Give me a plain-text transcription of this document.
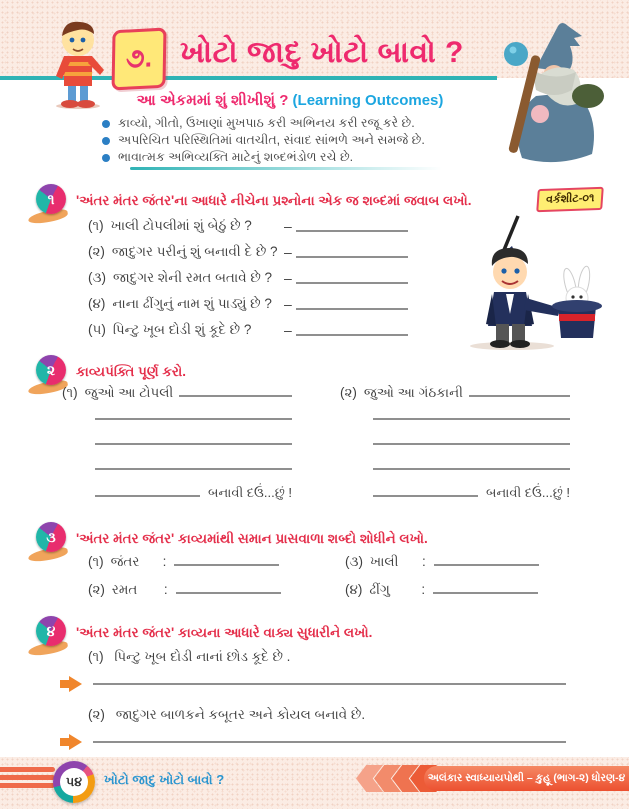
૭. ખોટો જાદુ ખોટો બાવો ?
આ એકમમાં શું શીખીશું ? (Learning Outcomes)
કાવ્યો, ગીતો, ઉખાણાં મુખપાઠ કરી અભિનય કરી રજૂ કરે છે.
અપરિચિત પરિસ્થિતિમાં વાતચીત, સંવાદ સાંભળે અને સમજે છે.
ભાવાત્મક અભિવ્યક્તિ માટેનું શબ્દભંડોળ રચે છે.
૧	'અંતર મંતર જંતર'ના આધારે નીચેના પ્રશ્નોના એક જ શબ્દમાં જવાબ લખો.	વર્કશીટ-૦૧
(૧) ખાલી ટોપલીમાં શું બેઠું છે ? –
(૨) જાદુગર પરીનું શું બનાવી દે છે ? –
(૩) જાદુગર શેની રમત બતાવે છે ? –
(૪) નાના ઢીંગુનું નામ શું પાડ્યું છે ? –
(૫) પિન્ટુ ખૂબ દોડી શું કૂદે છે ? –
૨	કાવ્યપંક્તિ પૂર્ણ કરો.
(૧) જુઓ આ ટોપલી
બનાવી દઉં...છું !
(૨) જુઓ આ ગંઠકાની
બનાવી દઉં...છું !
૩	'અંતર મંતર જંતર' કાવ્યમાંથી સમાન પ્રાસવાળા શબ્દો શોધીને લખો.
(૧) જંતર	:
(૨) રમત	:
(૩) ખાલી	:
(૪) ઢીંગુ	:
૪	'અંતર મંતર જંતર' કાવ્યના આધારે વાક્ય સુધારીને લખો.
(૧) પિન્ટુ ખૂબ દોડી નાનાં છોડ કૂદે છે .
(૨) જાદુગર બાળકને કબૂતર અને કોયલ બનાવે છે.
૫૪	ખોટો જાદુ ખોટો બાવો ?	અલંકાર સ્વાધ્યાયપોથી – કુહૂ (ભાગ-૨) ધોરણ-૪
